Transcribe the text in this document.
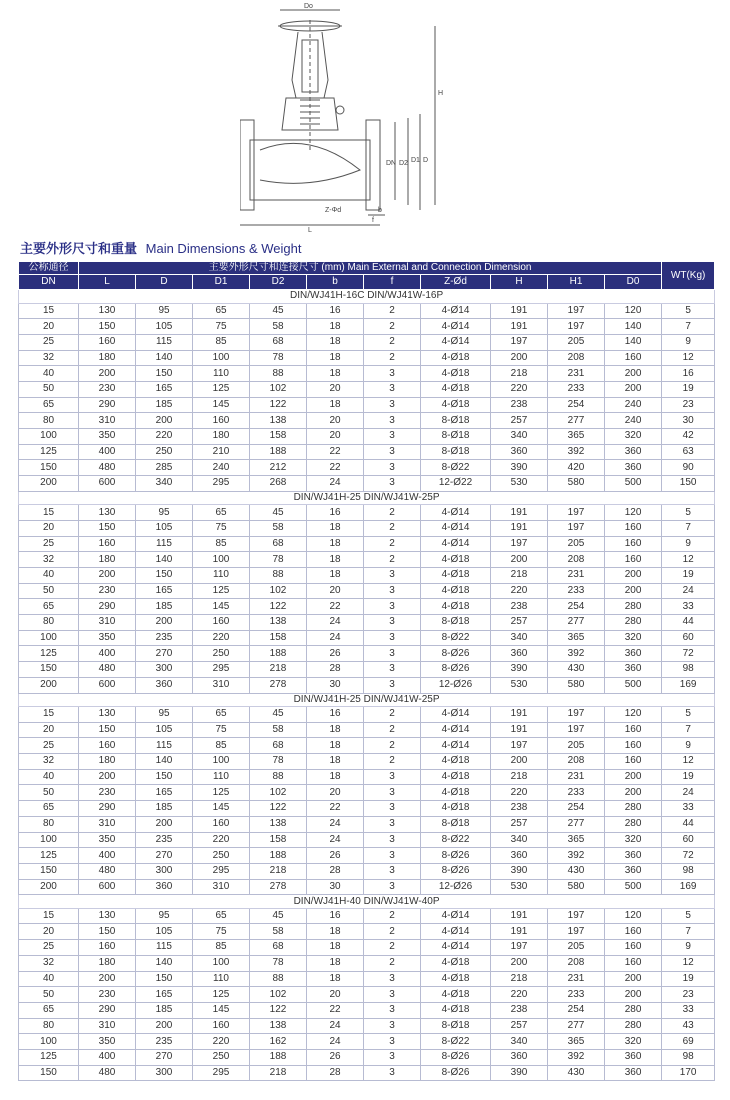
Do
H
DN D2 D1 D
Z-Φd	b
f
L
主要外形尺寸和重量 Main Dimensions & Weight
公称通径	主要外形尺寸和连接尺寸 (mm) Main External and Connection Dimension										WT(Kg)
DN	L	D	D1	D2	b	f	Z-Ød	H	H1	D0	
DIN/WJ41H-16C DIN/WJ41W-16P											
15	130	95	65	45	16	2	4-Ø14	191	197	120	5
20	150	105	75	58	18	2	4-Ø14	191	197	140	7
25	160	115	85	68	18	2	4-Ø14	197	205	140	9
32	180	140	100	78	18	2	4-Ø18	200	208	160	12
40	200	150	110	88	18	3	4-Ø18	218	231	200	16
50	230	165	125	102	20	3	4-Ø18	220	233	200	19
65	290	185	145	122	18	3	4-Ø18	238	254	240	23
80	310	200	160	138	20	3	8-Ø18	257	277	240	30
100	350	220	180	158	20	3	8-Ø18	340	365	320	42
125	400	250	210	188	22	3	8-Ø18	360	392	360	63
150	480	285	240	212	22	3	8-Ø22	390	420	360	90
200	600	340	295	268	24	3	12-Ø22	530	580	500	150
DIN/WJ41H-25 DIN/WJ41W-25P											
15	130	95	65	45	16	2	4-Ø14	191	197	120	5
20	150	105	75	58	18	2	4-Ø14	191	197	160	7
25	160	115	85	68	18	2	4-Ø14	197	205	160	9
32	180	140	100	78	18	2	4-Ø18	200	208	160	12
40	200	150	110	88	18	3	4-Ø18	218	231	200	19
50	230	165	125	102	20	3	4-Ø18	220	233	200	24
65	290	185	145	122	22	3	4-Ø18	238	254	280	33
80	310	200	160	138	24	3	8-Ø18	257	277	280	44
100	350	235	220	158	24	3	8-Ø22	340	365	320	60
125	400	270	250	188	26	3	8-Ø26	360	392	360	72
150	480	300	295	218	28	3	8-Ø26	390	430	360	98
200	600	360	310	278	30	3	12-Ø26	530	580	500	169
DIN/WJ41H-25 DIN/WJ41W-25P											
15	130	95	65	45	16	2	4-Ø14	191	197	120	5
20	150	105	75	58	18	2	4-Ø14	191	197	160	7
25	160	115	85	68	18	2	4-Ø14	197	205	160	9
32	180	140	100	78	18	2	4-Ø18	200	208	160	12
40	200	150	110	88	18	3	4-Ø18	218	231	200	19
50	230	165	125	102	20	3	4-Ø18	220	233	200	24
65	290	185	145	122	22	3	4-Ø18	238	254	280	33
80	310	200	160	138	24	3	8-Ø18	257	277	280	44
100	350	235	220	158	24	3	8-Ø22	340	365	320	60
125	400	270	250	188	26	3	8-Ø26	360	392	360	72
150	480	300	295	218	28	3	8-Ø26	390	430	360	98
200	600	360	310	278	30	3	12-Ø26	530	580	500	169
DIN/WJ41H-40 DIN/WJ41W-40P											
15	130	95	65	45	16	2	4-Ø14	191	197	120	5
20	150	105	75	58	18	2	4-Ø14	191	197	160	7
25	160	115	85	68	18	2	4-Ø14	197	205	160	9
32	180	140	100	78	18	2	4-Ø18	200	208	160	12
40	200	150	110	88	18	3	4-Ø18	218	231	200	19
50	230	165	125	102	20	3	4-Ø18	220	233	200	23
65	290	185	145	122	22	3	4-Ø18	238	254	280	33
80	310	200	160	138	24	3	8-Ø18	257	277	280	43
100	350	235	220	162	24	3	8-Ø22	340	365	320	69
125	400	270	250	188	26	3	8-Ø26	360	392	360	98
150	480	300	295	218	28	3	8-Ø26	390	430	360	170
